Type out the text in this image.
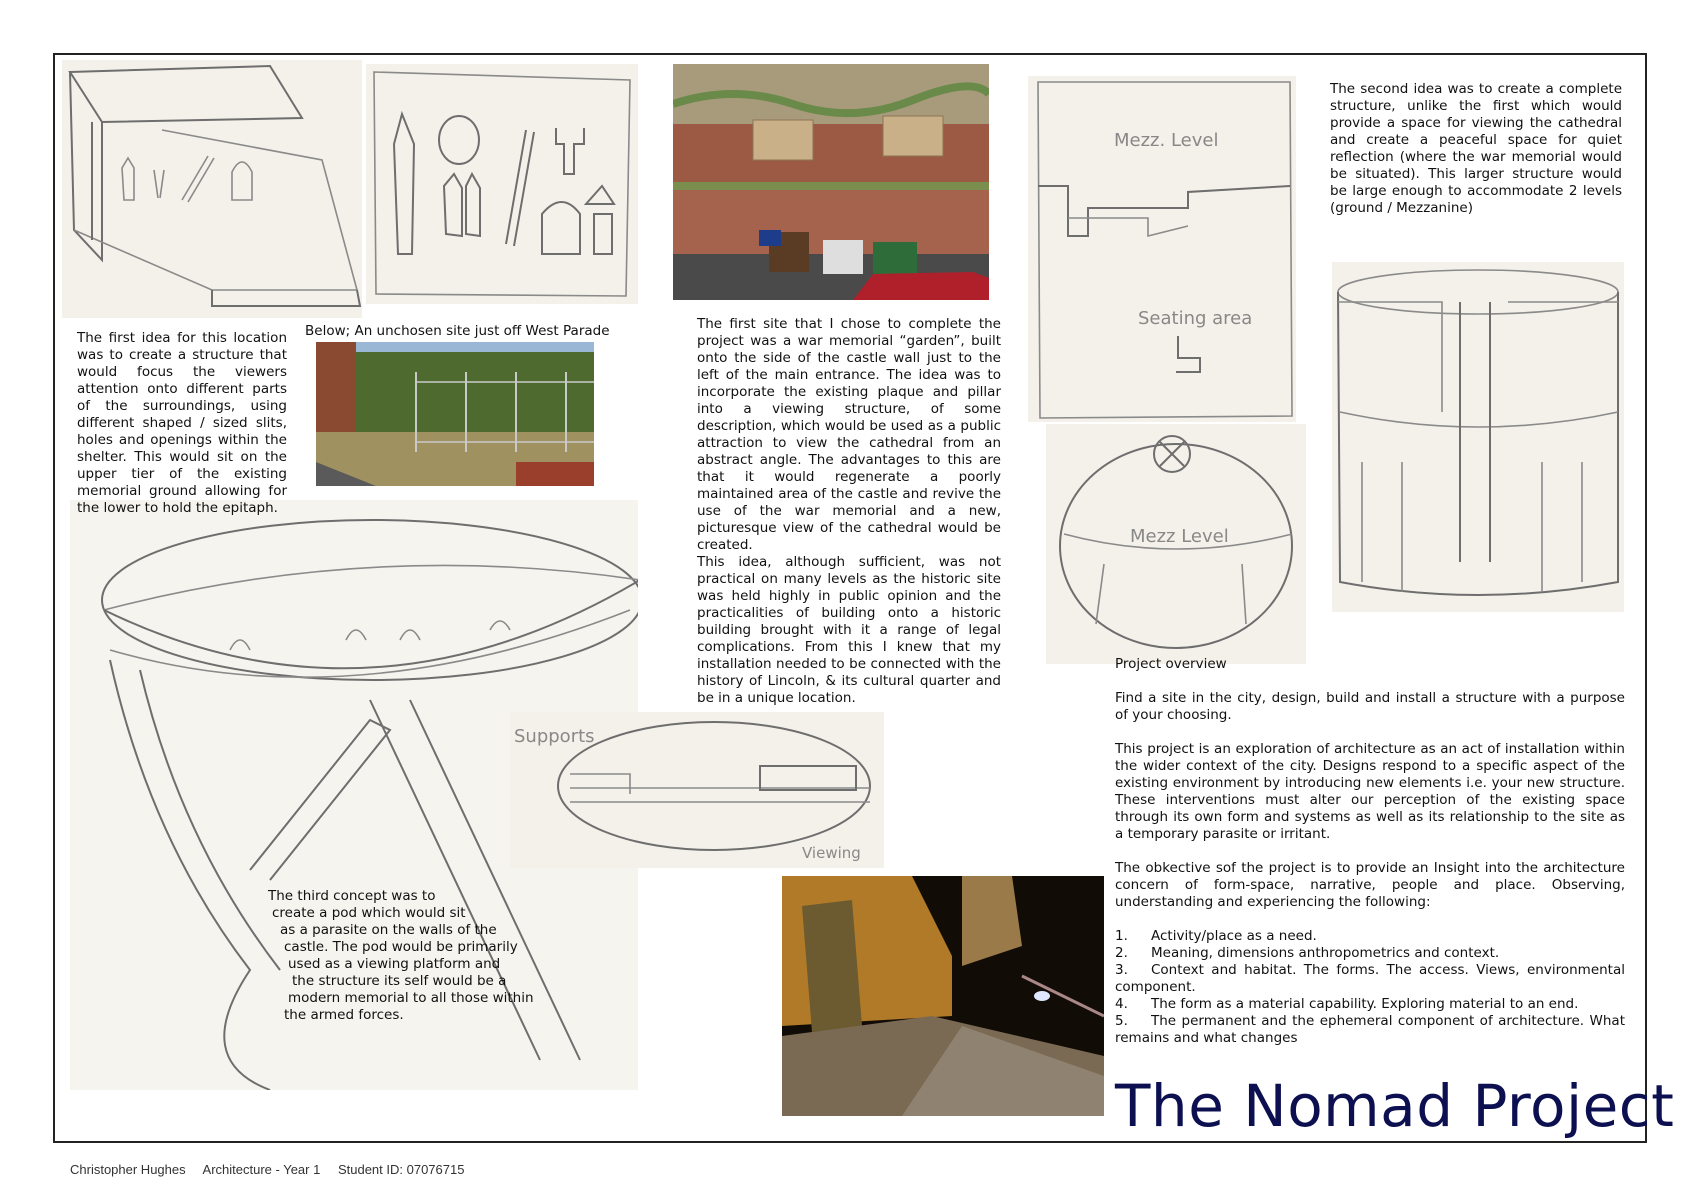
Mezz. Level
Seating area
Mezz Level
Supports
Viewing

The first idea for this location was to create a structure that would focus the viewers attention onto different parts of the surroundings, using different shaped / sized slits, holes and openings within the shelter. This would sit on the upper tier of the existing memorial ground allowing for the lower to hold the epitaph.

Below; An unchosen site just off West Parade	The first site that I chose to complete the project was a war memorial “garden”, built onto the side of the castle wall just to the left of the main entrance. The idea was to incorporate the existing plaque and pillar into a viewing structure, of some description, which would be used as a public attraction to view the cathedral from an abstract angle. The advantages to this are that it would regenerate a poorly maintained area of the castle and revive the use of the war memorial and a new, picturesque view of the cathedral would be created.

This idea, although sufficient, was not practical on many levels as the historic site was held highly in public opinion and the practicalities of building onto a historic building brought with it a range of legal complications. From this I knew that my installation needed to be connected with the history of Lincoln, & its cultural quarter and be in a unique location.

The second idea was to create a complete structure, unlike the first which would provide a space for viewing the cathedral and create a peaceful space for quiet reflection (where the war memorial would be situated). This larger structure would be large enough to accommodate 2 levels (ground / Mezzanine)

The third concept was to
create a pod which would sit
as a parasite on the walls of the
castle. The pod would be primarily
used as a viewing platform and
the structure its self would be a
modern memorial to all those within
the armed forces.

Project overview

Find a site in the city, design, build and install a structure with a purpose of your choosing.

This project is an exploration of architecture as an act of installation within the wider context of the city. Designs respond to a specific aspect of the existing environment by introducing new elements i.e. your new structure. These interventions must alter our perception of the existing space through its own form and systems as well as its relationship to the site as a temporary parasite or irritant.

The obkective sof the project is to provide an Insight into the architecture concern of form-space, narrative, people and place. Observing, understanding and experiencing the following:

1. Activity/place as a need.
2. Meaning, dimensions anthropometrics and context.
3. Context and habitat. The forms. The access. Views, environmental component.
4. The form as a material capability. Exploring material to an end.
5. The permanent and the ephemeral component of architecture. What remains and what changes
The Nomad Project
Christopher Hughes Architecture - Year 1 Student ID: 07076715
